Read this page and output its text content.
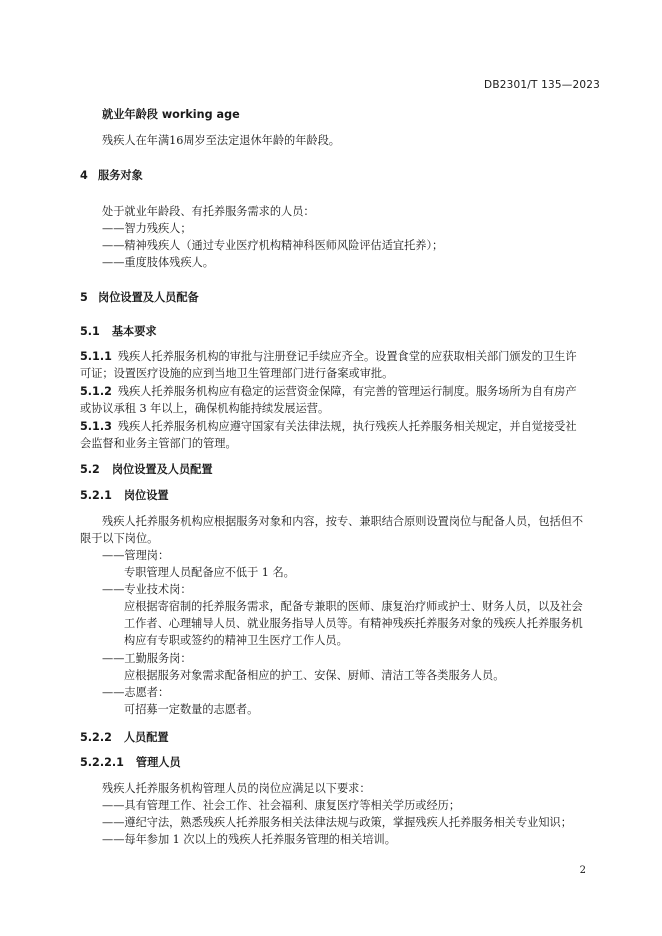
DB2301/T 135—2023
就业年龄段 working age
残疾人在年满16周岁至法定退休年龄的年龄段。
4 服务对象
处于就业年龄段、有托养服务需求的人员：
——智力残疾人；
——精神残疾人（通过专业医疗机构精神科医师风险评估适宜托养）；
——重度肢体残疾人。
5 岗位设置及人员配备
5.1 基本要求
5.1.1 残疾人托养服务机构的审批与注册登记手续应齐全。设置食堂的应获取相关部门颁发的卫生许
可证；设置医疗设施的应到当地卫生管理部门进行备案或审批。
5.1.2 残疾人托养服务机构应有稳定的运营资金保障，有完善的管理运行制度。服务场所为自有房产
或协议承租 3 年以上，确保机构能持续发展运营。
5.1.3 残疾人托养服务机构应遵守国家有关法律法规，执行残疾人托养服务相关规定，并自觉接受社
会监督和业务主管部门的管理。
5.2 岗位设置及人员配置
5.2.1 岗位设置
残疾人托养服务机构应根据服务对象和内容，按专、兼职结合原则设置岗位与配备人员，包括但不
限于以下岗位。
——管理岗：
专职管理人员配备应不低于 1 名。
——专业技术岗：
应根据寄宿制的托养服务需求，配备专兼职的医师、康复治疗师或护士、财务人员，以及社会
工作者、心理辅导人员、就业服务指导人员等。有精神残疾托养服务对象的残疾人托养服务机
构应有专职或签约的精神卫生医疗工作人员。
——工勤服务岗：
应根据服务对象需求配备相应的护工、安保、厨师、清洁工等各类服务人员。
——志愿者：
可招募一定数量的志愿者。
5.2.2 人员配置
5.2.2.1 管理人员
残疾人托养服务机构管理人员的岗位应满足以下要求：
——具有管理工作、社会工作、社会福利、康复医疗等相关学历或经历；
——遵纪守法，熟悉残疾人托养服务相关法律法规与政策，掌握残疾人托养服务相关专业知识；
——每年参加 1 次以上的残疾人托养服务管理的相关培训。
2
